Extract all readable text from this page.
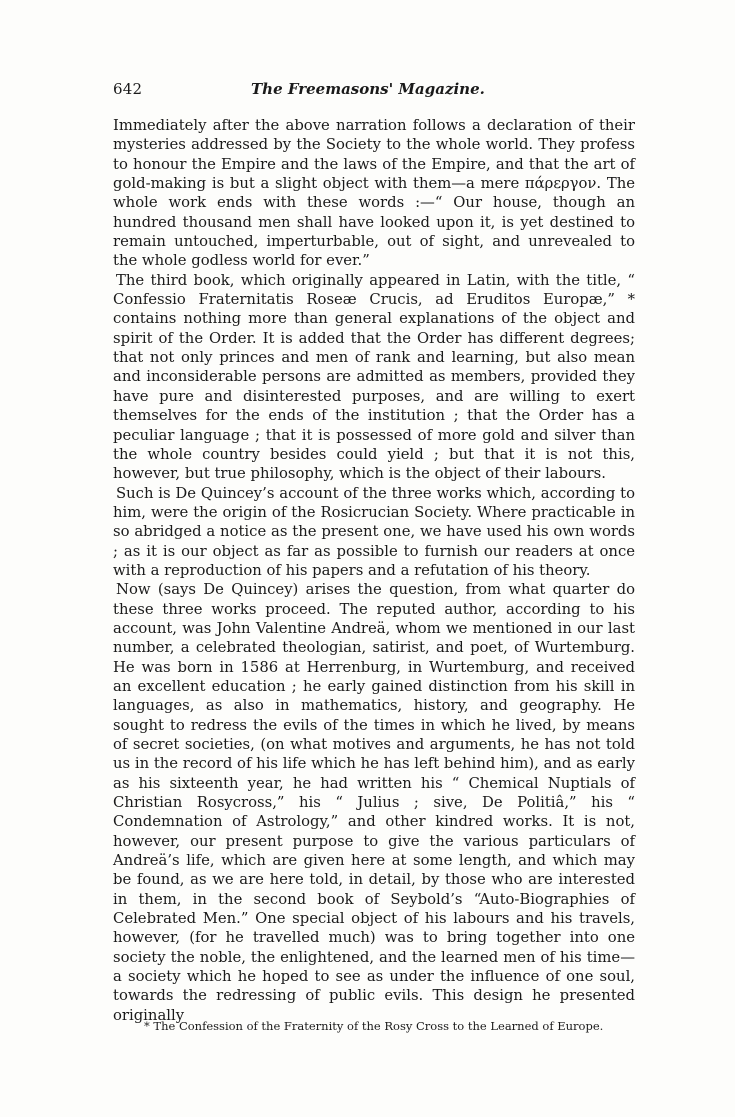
642	The Freemasons' Magazine.

Immediately after the above narration follows a declaration of their mysteries addressed by the Society to the whole world. They profess to honour the Empire and the laws of the Empire, and that the art of gold-making is but a slight object with them—a mere πάρεργον. The whole work ends with these words :—“ Our house, though an hundred thousand men shall have looked upon it, is yet destined to remain untouched, imperturbable, out of sight, and unrevealed to the whole godless world for ever.”

The third book, which originally appeared in Latin, with the title, “ Confessio Fraternitatis Roseæ Crucis, ad Eruditos Europæ,” * contains nothing more than general explanations of the object and spirit of the Order. It is added that the Order has different degrees; that not only princes and men of rank and learning, but also mean and inconsiderable persons are admitted as members, provided they have pure and disinterested purposes, and are willing to exert themselves for the ends of the institution ; that the Order has a peculiar language ; that it is possessed of more gold and silver than the whole country besides could yield ; but that it is not this, however, but true philosophy, which is the object of their labours.

Such is De Quincey’s account of the three works which, according to him, were the origin of the Rosicrucian Society. Where practicable in so abridged a notice as the present one, we have used his own words ; as it is our object as far as possible to furnish our readers at once with a reproduction of his papers and a refutation of his theory.

Now (says De Quincey) arises the question, from what quarter do these three works proceed. The reputed author, according to his account, was John Valentine Andreä, whom we mentioned in our last number, a celebrated theologian, satirist, and poet, of Wurtemburg. He was born in 1586 at Herrenburg, in Wurtemburg, and received an excellent education ; he early gained distinction from his skill in languages, as also in mathematics, history, and geography. He sought to redress the evils of the times in which he lived, by means of secret societies, (on what motives and arguments, he has not told us in the record of his life which he has left behind him), and as early as his sixteenth year, he had written his “ Chemical Nuptials of Christian Rosycross,” his “ Julius ; sive, De Politiâ,” his “ Condemnation of Astrology,” and other kindred works. It is not, however, our present purpose to give the various particulars of Andreä’s life, which are given here at some length, and which may be found, as we are here told, in detail, by those who are interested in them, in the second book of Seybold’s “Auto-Biographies of Celebrated Men.” One special object of his labours and his travels, however, (for he travelled much) was to bring together into one society the noble, the enlightened, and the learned men of his time—a society which he hoped to see as under the influence of one soul, towards the redressing of public evils. This design he presented originally

* The Confession of the Fraternity of the Rosy Cross to the Learned of Europe.
